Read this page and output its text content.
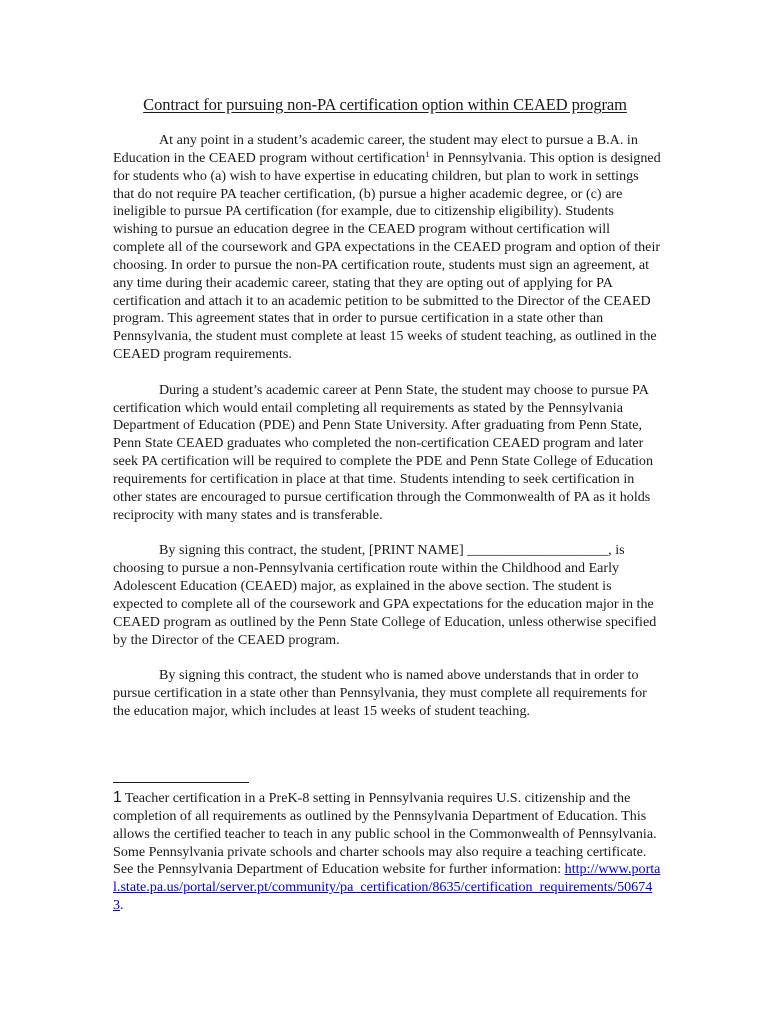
Contract for pursuing non-PA certification option within CEAED program

At any point in a student’s academic career, the student may elect to pursue a B.A. in Education in the CEAED program without certification$^1$ in Pennsylvania. This option is designed for students who (a) wish to have expertise in educating children, but plan to work in settings that do not require PA teacher certification, (b) pursue a higher academic degree, or (c) are ineligible to pursue PA certification (for example, due to citizenship eligibility). Students wishing to pursue an education degree in the CEAED program without certification will complete all of the coursework and GPA expectations in the CEAED program and option of their choosing. In order to pursue the non-PA certification route, students must sign an agreement, at any time during their academic career, stating that they are opting out of applying for PA certification and attach it to an academic petition to be submitted to the Director of the CEAED program. This agreement states that in order to pursue certification in a state other than Pennsylvania, the student must complete at least 15 weeks of student teaching, as outlined in the CEAED program requirements.

During a student’s academic career at Penn State, the student may choose to pursue PA certification which would entail completing all requirements as stated by the Pennsylvania Department of Education (PDE) and Penn State University. After graduating from Penn State, Penn State CEAED graduates who completed the non-certification CEAED program and later seek PA certification will be required to complete the PDE and Penn State College of Education requirements for certification in place at that time. Students intending to seek certification in other states are encouraged to pursue certification through the Commonwealth of PA as it holds reciprocity with many states and is transferable.

By signing this contract, the student, [PRINT NAME] ____________________, is choosing to pursue a non-Pennsylvania certification route within the Childhood and Early Adolescent Education (CEAED) major, as explained in the above section. The student is expected to complete all of the coursework and GPA expectations for the education major in the CEAED program as outlined by the Penn State College of Education, unless otherwise specified by the Director of the CEAED program.

By signing this contract, the student who is named above understands that in order to pursue certification in a state other than Pennsylvania, they must complete all requirements for the education major, which includes at least 15 weeks of student teaching.

1 Teacher certification in a PreK-8 setting in Pennsylvania requires U.S. citizenship and the completion of all requirements as outlined by the Pennsylvania Department of Education. This allows the certified teacher to teach in any public school in the Commonwealth of Pennsylvania. Some Pennsylvania private schools and charter schools may also require a teaching certificate. See the Pennsylvania Department of Education website for further information: http://www.portal.state.pa.us/portal/server.pt/community/pa_certification/8635/certification_requirements/506743.
